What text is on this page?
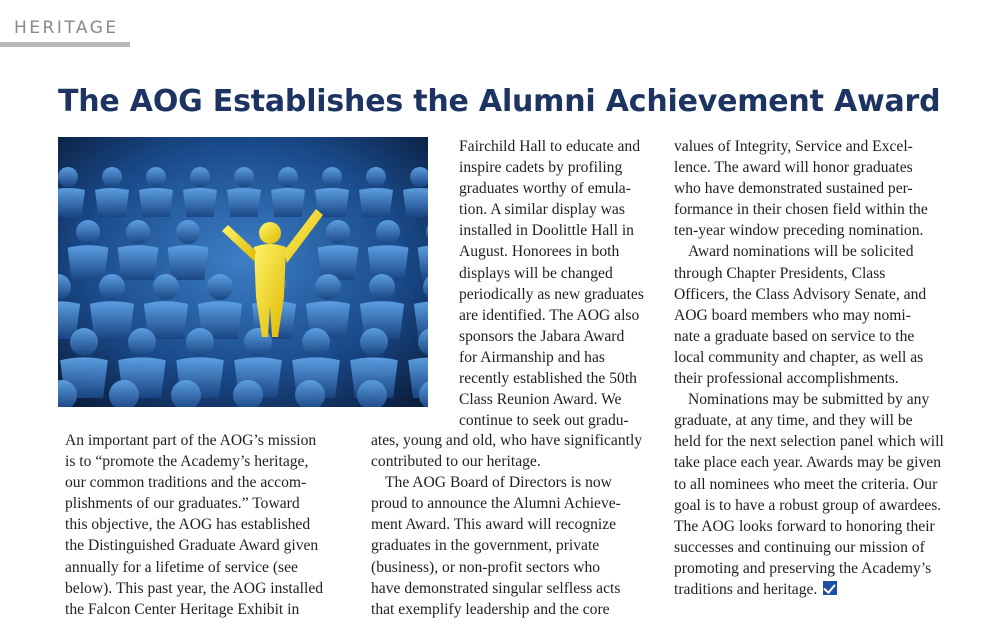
HERITAGE
The AOG Establishes the Alumni Achievement Award

An important part of the AOG’s mission
is to “promote the Academy’s heritage,
our common traditions and the accom-
plishments of our graduates.” Toward
this objective, the AOG has established
the Distinguished Graduate Award given
annually for a lifetime of service (see
below). This past year, the AOG installed
the Falcon Center Heritage Exhibit in

Fairchild Hall to educate and
inspire cadets by profiling
graduates worthy of emula-
tion. A similar display was
installed in Doolittle Hall in
August. Honorees in both
displays will be changed
periodically as new graduates
are identified. The AOG also
sponsors the Jabara Award
for Airmanship and has
recently established the 50th
Class Reunion Award. We
continue to seek out gradu-

ates, young and old, who have significantly
contributed to our heritage.

The AOG Board of Directors is now
proud to announce the Alumni Achieve-
ment Award. This award will recognize
graduates in the government, private
(business), or non-profit sectors who
have demonstrated singular selfless acts
that exemplify leadership and the core

values of Integrity, Service and Excel-
lence. The award will honor graduates
who have demonstrated sustained per-
formance in their chosen field within the
ten-year window preceding nomination.

Award nominations will be solicited
through Chapter Presidents, Class
Officers, the Class Advisory Senate, and
AOG board members who may nomi-
nate a graduate based on service to the
local community and chapter, as well as
their professional accomplishments.

Nominations may be submitted by any
graduate, at any time, and they will be
held for the next selection panel which will
take place each year. Awards may be given
to all nominees who meet the criteria. Our
goal is to have a robust group of awardees.
The AOG looks forward to honoring their
successes and continuing our mission of
promoting and preserving the Academy’s
traditions and heritage.
